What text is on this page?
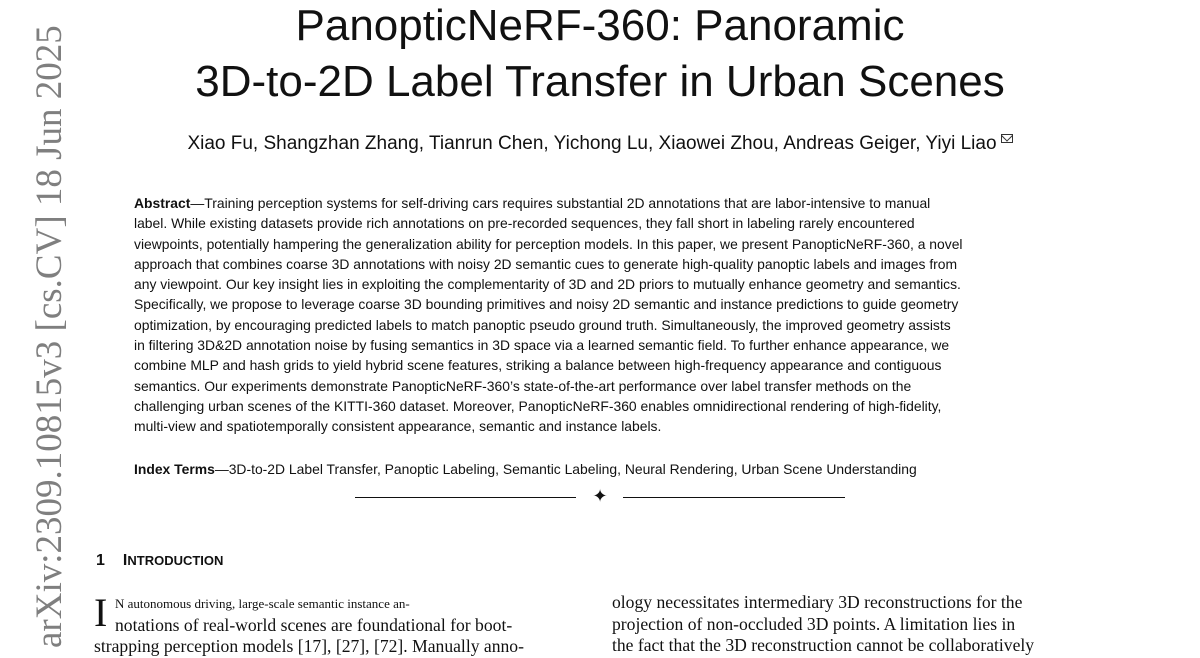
PanopticNeRF-360: Panoramic
3D-to-2D Label Transfer in Urban Scenes
Xiao Fu, Shangzhan Zhang, Tianrun Chen, Yichong Lu, Xiaowei Zhou, Andreas Geiger, Yiyi Liao
Abstract—Training perception systems for self-driving cars requires substantial 2D annotations that are labor-intensive to manual
label. While existing datasets provide rich annotations on pre-recorded sequences, they fall short in labeling rarely encountered
viewpoints, potentially hampering the generalization ability for perception models. In this paper, we present PanopticNeRF-360, a novel
approach that combines coarse 3D annotations with noisy 2D semantic cues to generate high-quality panoptic labels and images from
any viewpoint. Our key insight lies in exploiting the complementarity of 3D and 2D priors to mutually enhance geometry and semantics.
Specifically, we propose to leverage coarse 3D bounding primitives and noisy 2D semantic and instance predictions to guide geometry
optimization, by encouraging predicted labels to match panoptic pseudo ground truth. Simultaneously, the improved geometry assists
in filtering 3D&2D annotation noise by fusing semantics in 3D space via a learned semantic field. To further enhance appearance, we
combine MLP and hash grids to yield hybrid scene features, striking a balance between high-frequency appearance and contiguous
semantics. Our experiments demonstrate PanopticNeRF-360’s state-of-the-art performance over label transfer methods on the
challenging urban scenes of the KITTI-360 dataset. Moreover, PanopticNeRF-360 enables omnidirectional rendering of high-fidelity,
multi-view and spatiotemporally consistent appearance, semantic and instance labels.
Index Terms—3D-to-2D Label Transfer, Panoptic Labeling, Semantic Labeling, Neural Rendering, Urban Scene Understanding
✦
1 INTRODUCTION
I N autonomous driving, large-scale semantic instance an-
notations of real-world scenes are foundational for boot-
strapping perception models [17], [27], [72]. Manually anno-
ology necessitates intermediary 3D reconstructions for the
projection of non-occluded 3D points. A limitation lies in
the fact that the 3D reconstruction cannot be collaboratively
arXiv:2309.10815v3 [cs.CV] 18 Jun 2025
